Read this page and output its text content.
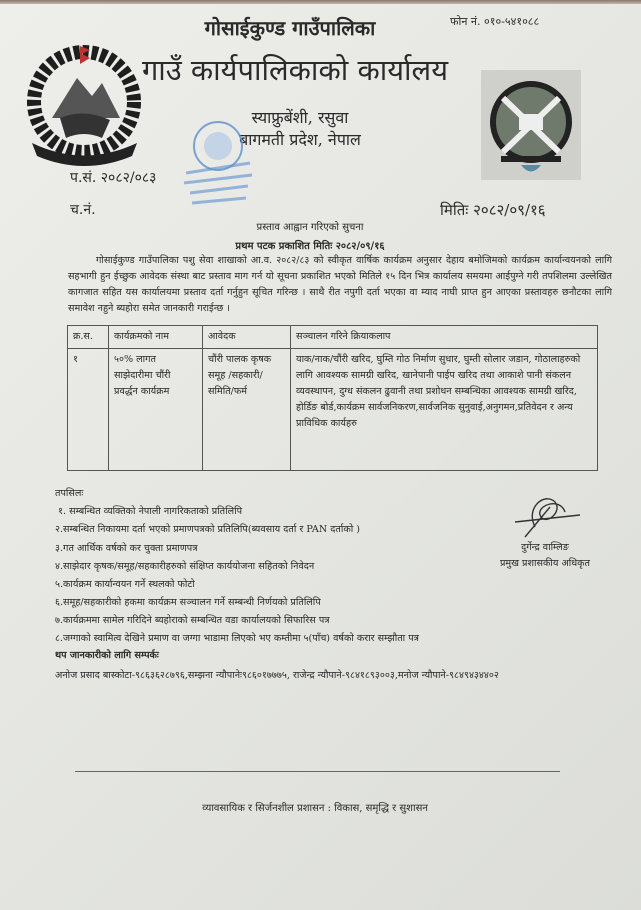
फोन नं. ०१०-५४१०८८
गोसाईकुण्ड गाउँपालिका
गाउँ कार्यपालिकाको कार्यालय
स्याफ्रुबेंशी, रसुवा
बागमती प्रदेश, नेपाल
प.सं. २०८२/०८३
च.नं.	मितिः २०८२/०९/१६
प्रस्ताव आह्वान गरिएको सुचना
प्रथम पटक प्रकाशित मितिः २०८२/०९/१६
गोसाईकुण्ड गाउँपालिका पशु सेवा शाखाको आ.व. २०८२/८३ को स्वीकृत वार्षिक कार्यक्रम अनुसार देहाय बमोजिमको कार्यक्रम कार्यान्वयनको लागि सहभागी हुन ईच्छुक आवेदक संस्था बाट प्रस्ताव माग गर्न यो सूचना प्रकाशित भएको मितिले १५ दिन भित्र कार्यालय समयमा आईपुग्ने गरी तपशिलमा उल्लेखित कागजात सहित यस कार्यालयमा प्रस्ताव दर्ता गर्नुहुन सूचित गरिन्छ । साथै रीत नपुगी दर्ता भएका वा म्याद नाघी प्राप्त हुन आएका प्रस्तावहरु छनौटका लागि समावेश नहुने ब्यहोरा समेत जानकारी गराईन्छ ।
क्र.स.	कार्यक्रमको नाम	आवेदक	सञ्चालन गरिने क्रियाकलाप
१	५०% लागत साझेदारीमा चौंरी प्रवर्द्धन कार्यक्रम	चौंरी पालक कृषक समूह /सहकारी/समिति/फर्म	याक/नाक/चौंरी खरिद, घुम्ति गोठ निर्माण सुधार, घुम्ती सोलार जडान, गोठालाहरुको लागि आवश्यक सामग्री खरिद, खानेपानी पाईप खरिद तथा आकाशे पानी संकलन व्यवस्थापन, दुग्ध संकलन ढुवानी तथा प्रशोधन सम्बन्धिका आवश्यक सामग्री खरिद, होर्डिङ बोर्ड,कार्यक्रम सार्वजनिकरण,सार्वजनिक सुनुवाई,अनुगमन,प्रतिवेदन र अन्य प्राविधिक कार्यहरु
तपसिलः
१. सम्बन्धित व्यक्तिको नेपाली नागरिकताको प्रतिलिपि
२.सम्बन्धित निकायमा दर्ता भएको प्रमाणपत्रको प्रतिलिपि(ब्यवसाय दर्ता र PAN दर्ताको )
३.गत आर्थिक वर्षको कर चुक्ता प्रमाणपत्र
४.साझेदार कृषक/समूह/सहकारीहरुको संक्षिप्त कार्ययोजना सहितको निवेदन
५.कार्यक्रम कार्यान्वयन गर्ने स्थलको फोटो
६.समूह/सहकारीको हकमा कार्यक्रम सञ्चालन गर्ने सम्बन्धी निर्णयको प्रतिलिपि
७.कार्यक्रममा सामेल गरिदिने ब्यहोराको सम्बन्धित वडा कार्यालयको सिफारिस पत्र
८.जग्गाको स्वामित्व देखिने प्रमाण वा जग्गा भाडामा लिएको भए कम्तीमा ५(पाँच) वर्षको करार सम्झौता पत्र
थप जानकारीको लागि सम्पर्कः
अनोज प्रसाद बास्कोटा-९८६३६२८७९६,सम्झना न्यौपानेः९८६०१७७७५, राजेन्द्र न्यौपाने-९८४१८९३००३,मनोज न्यौपाने-९८४९४३४४०२
दुर्गेन्द्र वाम्लिङ
प्रमुख प्रशासकीय अधिकृत
व्यावसायिक र सिर्जनशील प्रशासन : विकास, समृद्धि र सुशासन
